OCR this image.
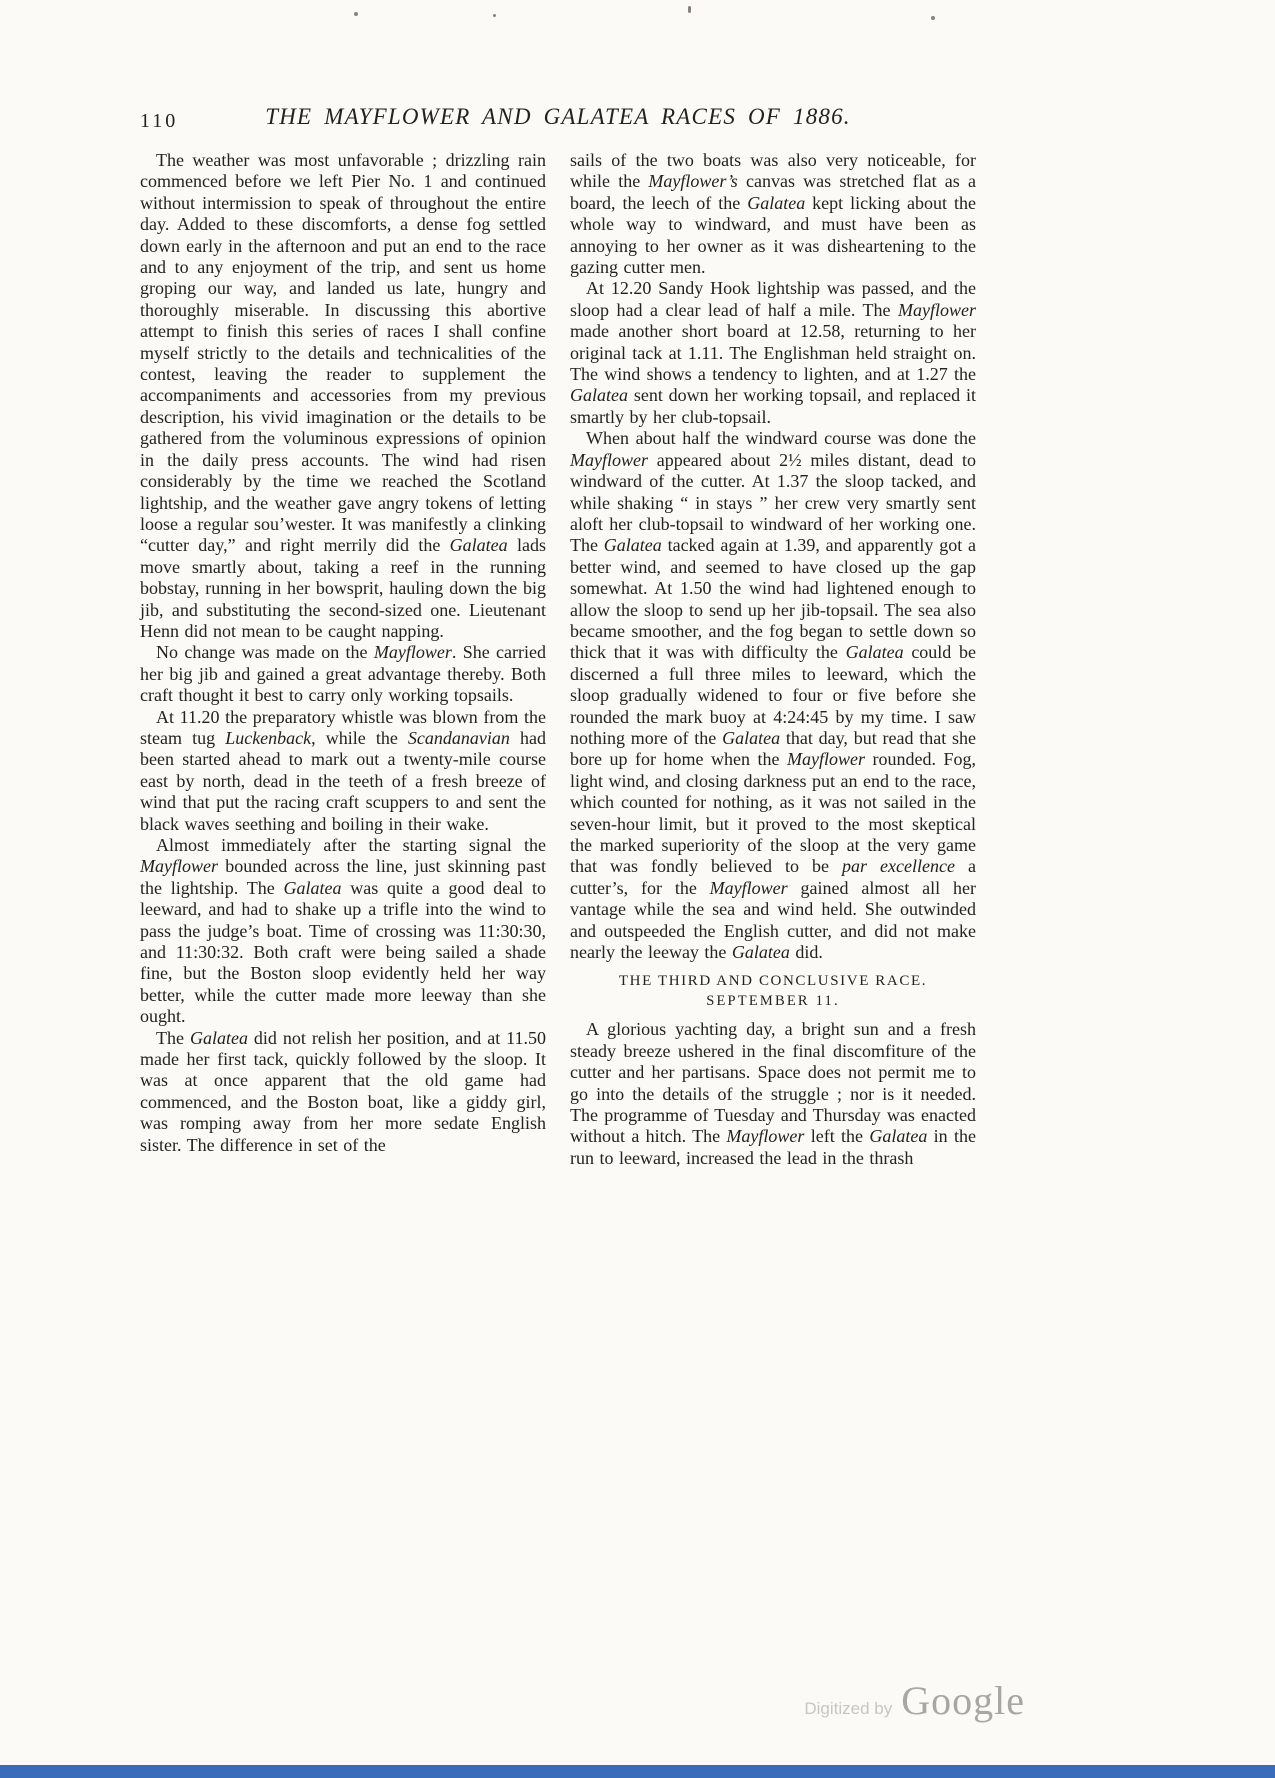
110	THE MAYFLOWER AND GALATEA RACES OF 1886.

The weather was most unfavorable ; drizzling rain commenced before we left Pier No. 1 and continued without intermission to speak of throughout the entire day. Added to these discomforts, a dense fog settled down early in the afternoon and put an end to the race and to any enjoyment of the trip, and sent us home groping our way, and landed us late, hungry and thoroughly miserable. In discussing this abortive attempt to finish this series of races I shall confine myself strictly to the details and technicalities of the contest, leaving the reader to supplement the accompaniments and accessories from my previous description, his vivid imagination or the details to be gathered from the voluminous expressions of opinion in the daily press accounts. The wind had risen considerably by the time we reached the Scotland lightship, and the weather gave angry tokens of letting loose a regular sou’wester. It was manifestly a clinking “cutter day,” and right merrily did the Galatea lads move smartly about, taking a reef in the running bobstay, running in her bowsprit, hauling down the big jib, and substituting the second-sized one. Lieutenant Henn did not mean to be caught napping.

No change was made on the Mayflower. She carried her big jib and gained a great advantage thereby. Both craft thought it best to carry only working topsails.

At 11.20 the preparatory whistle was blown from the steam tug Luckenback, while the Scandanavian had been started ahead to mark out a twenty-mile course east by north, dead in the teeth of a fresh breeze of wind that put the racing craft scuppers to and sent the black waves seething and boiling in their wake.

Almost immediately after the starting signal the Mayflower bounded across the line, just skinning past the lightship. The Galatea was quite a good deal to leeward, and had to shake up a trifle into the wind to pass the judge’s boat. Time of crossing was 11:30:30, and 11:30:32. Both craft were being sailed a shade fine, but the Boston sloop evidently held her way better, while the cutter made more leeway than she ought.

The Galatea did not relish her position, and at 11.50 made her first tack, quickly followed by the sloop. It was at once apparent that the old game had commenced, and the Boston boat, like a giddy girl, was romping away from her more sedate English sister. The difference in set of the

sails of the two boats was also very noticeable, for while the Mayflower’s canvas was stretched flat as a board, the leech of the Galatea kept licking about the whole way to windward, and must have been as annoying to her owner as it was disheartening to the gazing cutter men.

At 12.20 Sandy Hook lightship was passed, and the sloop had a clear lead of half a mile. The Mayflower made another short board at 12.58, returning to her original tack at 1.11. The Englishman held straight on. The wind shows a tendency to lighten, and at 1.27 the Galatea sent down her working topsail, and replaced it smartly by her club-topsail.

When about half the windward course was done the Mayflower appeared about 2½ miles distant, dead to windward of the cutter. At 1.37 the sloop tacked, and while shaking “ in stays ” her crew very smartly sent aloft her club-topsail to windward of her working one. The Galatea tacked again at 1.39, and apparently got a better wind, and seemed to have closed up the gap somewhat. At 1.50 the wind had lightened enough to allow the sloop to send up her jib-topsail. The sea also became smoother, and the fog began to settle down so thick that it was with difficulty the Galatea could be discerned a full three miles to leeward, which the sloop gradually widened to four or five before she rounded the mark buoy at 4:24:45 by my time. I saw nothing more of the Galatea that day, but read that she bore up for home when the Mayflower rounded. Fog, light wind, and closing darkness put an end to the race, which counted for nothing, as it was not sailed in the seven-hour limit, but it proved to the most skeptical the marked superiority of the sloop at the very game that was fondly believed to be par excellence a cutter’s, for the Mayflower gained almost all her vantage while the sea and wind held. She outwinded and outspeeded the English cutter, and did not make nearly the leeway the Galatea did.

THE THIRD AND CONCLUSIVE RACE.
SEPTEMBER 11.

A glorious yachting day, a bright sun and a fresh steady breeze ushered in the final discomfiture of the cutter and her partisans. Space does not permit me to go into the details of the struggle ; nor is it needed. The programme of Tuesday and Thursday was enacted without a hitch. The Mayflower left the Galatea in the run to leeward, increased the lead in the thrash

Digitized by Google
